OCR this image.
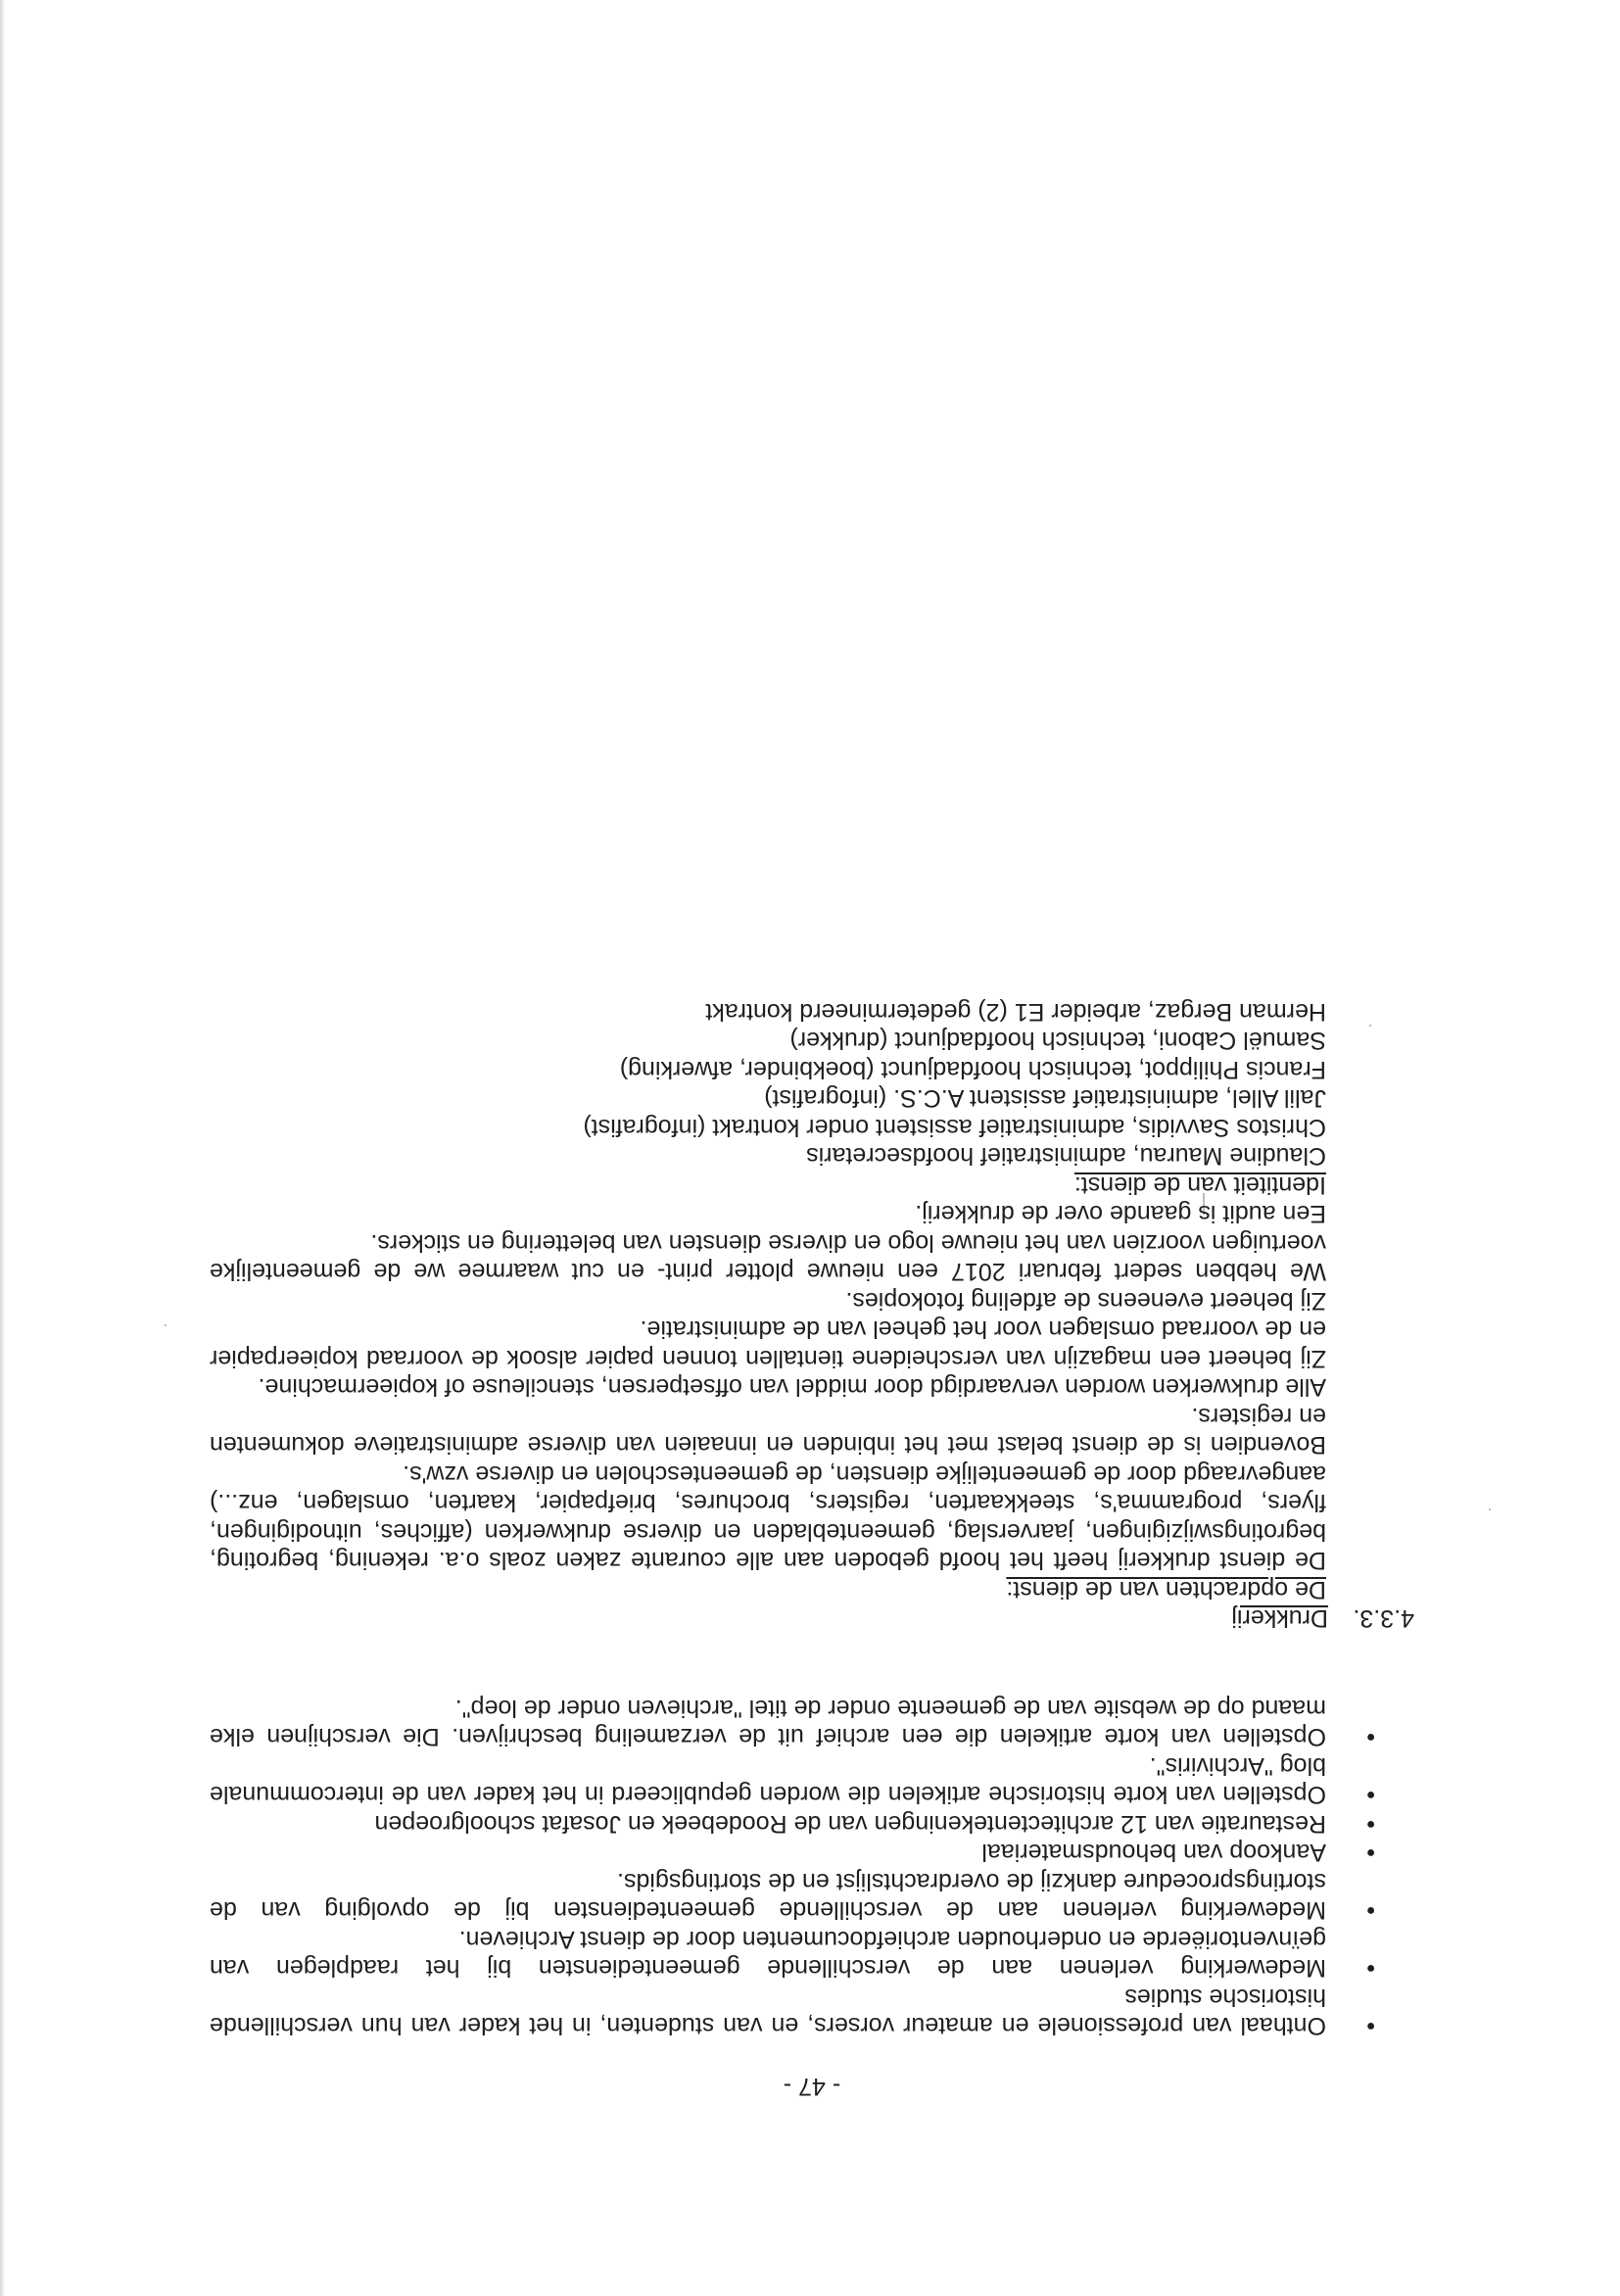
- 47 -
• Onthaal van professionele en amateur vorsers, en van studenten, in het kader van hun verschillende historische studies
• Medewerking verlenen aan de verschillende gemeentediensten bij het raadplegen van geïnventoriëerde en onderhouden archiefdocumenten door de dienst Archieven.
• Medewerking verlenen aan de verschillende gemeentediensten bij de opvolging van de stortingsprocedure dankzij de overdrachtslijst en de stortingsgids.
• Aankoop van behoudsmateriaal
• Restauratie van 12 architectentekeningen van de Roodebeek en Josafat schoolgroepen
• Opstellen van korte historische artikelen die worden gepubliceerd in het kader van de intercommunale blog "Archiviris".
• Opstellen van korte artikelen die een archief uit de verzameling beschrijven. Die verschijnen elke maand op de website van de gemeente onder de titel "archieven onder de loep".
4.3.3.Drukkerij

De opdrachten van de dienst:

De dienst drukkerij heeft het hoofd geboden aan alle courante zaken zoals o.a. rekening, begroting, begrotingswijzigingen, jaarverslag, gemeentebladen en diverse drukwerken (affiches, uitnodigingen, flyers, programma's, steekkaarten, registers, brochures, briefpapier, kaarten, omslagen, enz...) aangevraagd door de gemeentelijke diensten, de gemeentescholen en diverse vzw's.

Bovendien is de dienst belast met het inbinden en innaaien van diverse administratieve dokumenten en registers.

Alle drukwerken worden vervaardigd door middel van offsetpersen, stencileuse of kopieermachine.

Zij beheert een magazijn van verscheidene tientallen tonnen papier alsook de voorraad kopieerpapier en de voorraad omslagen voor het geheel van de administratie.

Zij beheert eveneens de afdeling fotokopies.

We hebben sedert februari 2017 een nieuwe plotter print- en cut waarmee we de gemeentelijke voertuigen voorzien van het nieuwe logo en diverse diensten van belettering en stickers.

Een audit is gaande over de drukkerij.

Identiteit van de dienst:

Claudine Maurau, administratief hoofdsecretaris
Christos Savvidis, administratief assistent onder kontrakt (infografist)
Jalil Allel, administratief assistent A.C.S. (infografist)
Francis Philippot, technisch hoofdadjunct (boekbinder, afwerking)
Samuël Caboni, technisch hoofdadjunct (drukker)
Herman Bergaz, arbeider E1 (2) gedetermineerd kontrakt
